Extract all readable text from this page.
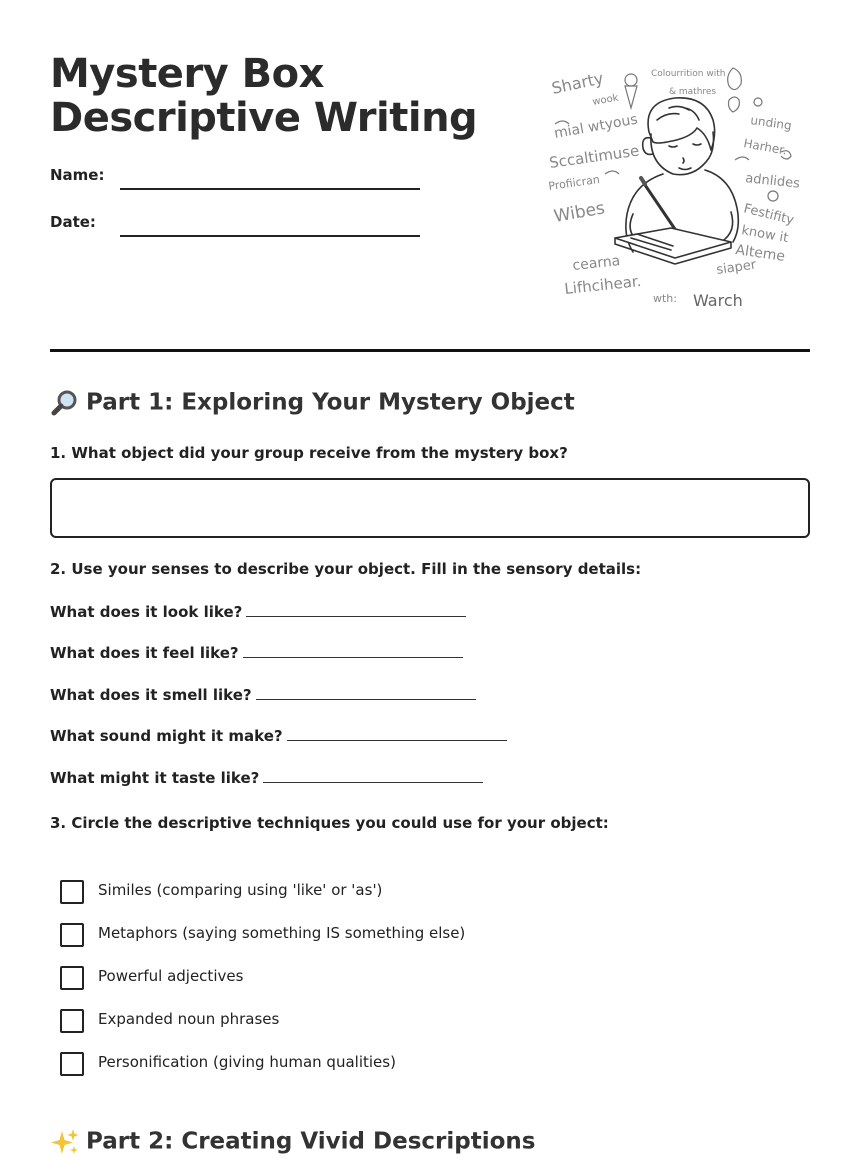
Mystery Box Descriptive Writing
Name:
Date:
Sharty
wook
Colourrition with
& mathres
unding
mial wtyous
Sccaltimuse	Harher.
adnlides
Profiicran
Wibes	Festifity
know it
Alteme
siaper
cearna
Lifhcihear.
wth: Warch
Part 1: Exploring Your Mystery Object

1. What object did your group receive from the mystery box?

2. Use your senses to describe your object. Fill in the sensory details:

What does it look like?
What does it feel like?
What does it smell like?
What sound might it make?
What might it taste like?

3. Circle the descriptive techniques you could use for your object:

Similes (comparing using 'like' or 'as')
Metaphors (saying something IS something else)
Powerful adjectives
Expanded noun phrases
Personification (giving human qualities)
Part 2: Creating Vivid Descriptions
